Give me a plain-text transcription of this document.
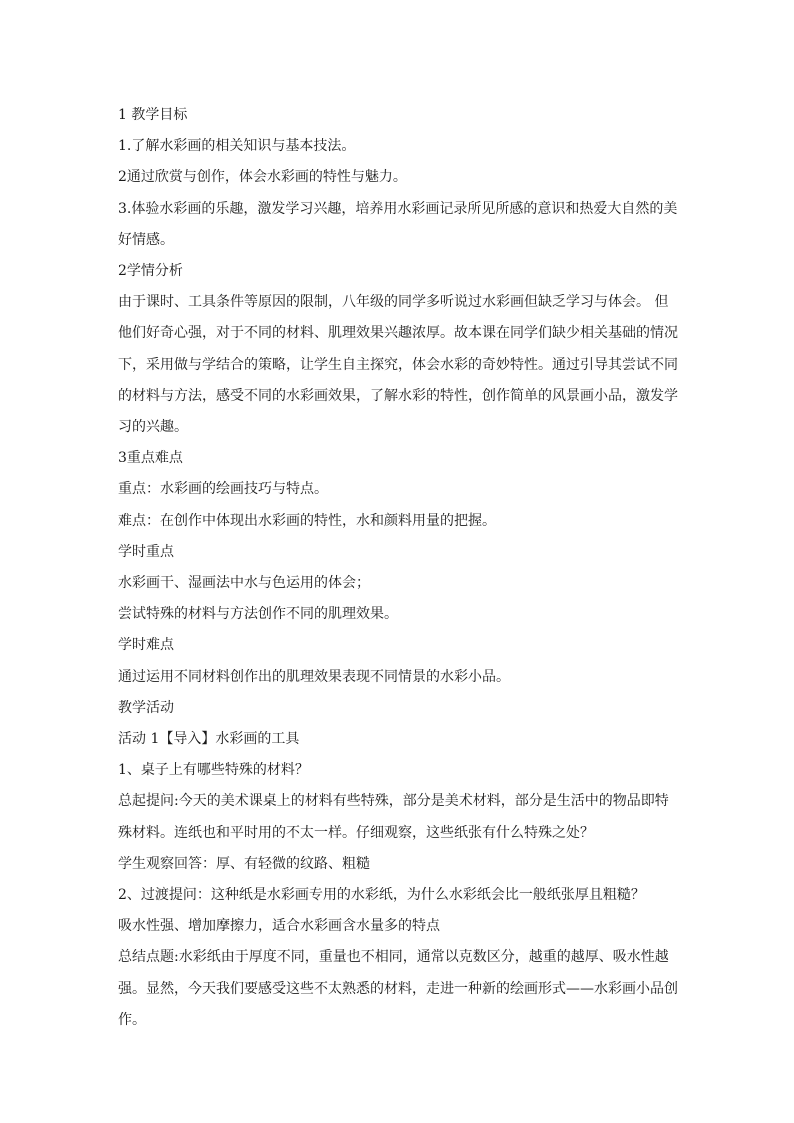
1 教学目标

1.了解水彩画的相关知识与基本技法。

2通过欣赏与创作，体会水彩画的特性与魅力。

3.体验水彩画的乐趣，激发学习兴趣，培养用水彩画记录所见所感的意识和热爱大自然的美好情感。

2学情分析

由于课时、工具条件等原因的限制，八年级的同学多听说过水彩画但缺乏学习与体会。 但他们好奇心强，对于不同的材料、肌理效果兴趣浓厚。故本课在同学们缺少相关基础的情况下，采用做与学结合的策略，让学生自主探究，体会水彩的奇妙特性。通过引导其尝试不同的材料与方法，感受不同的水彩画效果，了解水彩的特性，创作简单的风景画小品，激发学习的兴趣。

3重点难点

重点：水彩画的绘画技巧与特点。

难点：在创作中体现出水彩画的特性，水和颜料用量的把握。

学时重点

水彩画干、湿画法中水与色运用的体会；

尝试特殊的材料与方法创作不同的肌理效果。

学时难点

通过运用不同材料创作出的肌理效果表现不同情景的水彩小品。

教学活动

活动 1【导入】水彩画的工具

1、桌子上有哪些特殊的材料？

总起提问:今天的美术课桌上的材料有些特殊，部分是美术材料，部分是生活中的物品即特殊材料。连纸也和平时用的不太一样。仔细观察，这些纸张有什么特殊之处？

学生观察回答：厚、有轻微的纹路、粗糙

2、过渡提问：这种纸是水彩画专用的水彩纸，为什么水彩纸会比一般纸张厚且粗糙？

吸水性强、增加摩擦力，适合水彩画含水量多的特点

总结点题:水彩纸由于厚度不同，重量也不相同，通常以克数区分，越重的越厚、吸水性越强。显然，今天我们要感受这些不太熟悉的材料，走进一种新的绘画形式——水彩画小品创作。
